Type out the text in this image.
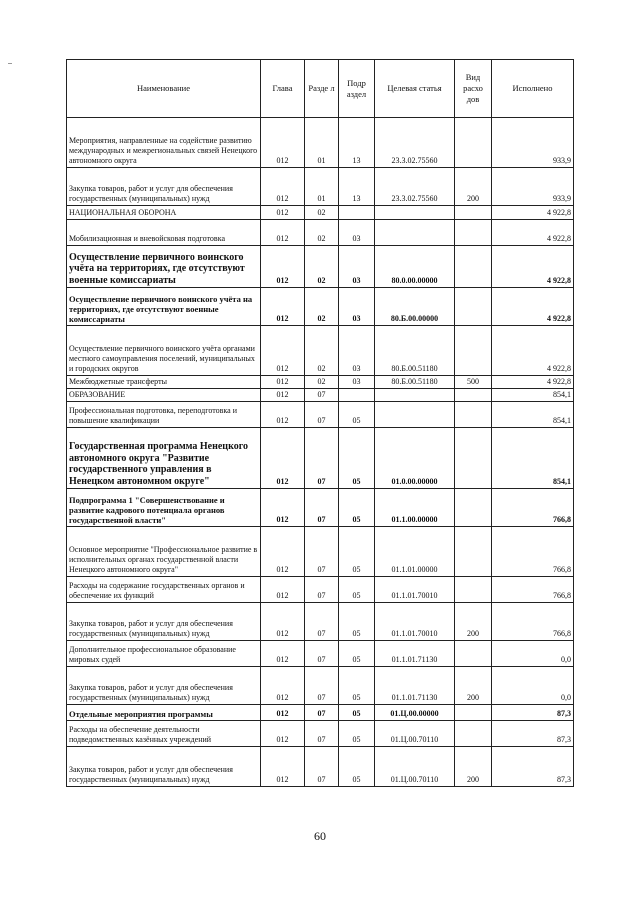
Наименование	Глава	Разде л	Подр аздел	Целевая статья	Вид расхо дов	Исполнено
Мероприятия, направленные на содействие развитию международных и межрегиональных связей Ненецкого автономного округа	012	01	13	23.3.02.75560		933,9
Закупка товаров, работ и услуг для обеспечения государственных (муниципальных) нужд	012	01	13	23.3.02.75560	200	933,9
НАЦИОНАЛЬНАЯ ОБОРОНА	012	02				4 922,8
Мобилизационная и вневойсковая подготовка	012	02	03			4 922,8
Осуществление первичного воинского учёта на территориях, где отсутствуют военные комиссариаты	012	02	03	80.0.00.00000		4 922,8
Осуществление первичного воинского учёта на территориях, где отсутствуют военные комиссариаты	012	02	03	80.Б.00.00000		4 922,8
Осуществление первичного воинского учёта органами местного самоуправления поселений, муниципальных и городских округов	012	02	03	80.Б.00.51180		4 922,8
Межбюджетные трансферты	012	02	03	80.Б.00.51180	500	4 922,8
ОБРАЗОВАНИЕ	012	07				854,1
Профессиональная подготовка, переподготовка и повышение квалификации	012	07	05			854,1
Государственная программа Ненецкого автономного округа "Развитие государственного управления в Ненецком автономном округе"	012	07	05	01.0.00.00000		854,1
Подпрограмма 1 "Совершенствование и развитие кадрового потенциала органов государственной власти"	012	07	05	01.1.00.00000		766,8
Основное мероприятие "Профессиональное развитие в исполнительных органах государственной власти Ненецкого автономного округа"	012	07	05	01.1.01.00000		766,8
Расходы на содержание государственных органов и обеспечение их функций	012	07	05	01.1.01.70010		766,8
Закупка товаров, работ и услуг для обеспечения государственных (муниципальных) нужд	012	07	05	01.1.01.70010	200	766,8
Дополнительное профессиональное образование мировых судей	012	07	05	01.1.01.71130		0,0
Закупка товаров, работ и услуг для обеспечения государственных (муниципальных) нужд	012	07	05	01.1.01.71130	200	0,0
Отдельные мероприятия программы	012	07	05	01.Ц.00.00000		87,3
Расходы на обеспечение деятельности подведомственных казённых учреждений	012	07	05	01.Ц.00.70110		87,3
Закупка товаров, работ и услуг для обеспечения государственных (муниципальных) нужд	012	07	05	01.Ц.00.70110	200	87,3
60
